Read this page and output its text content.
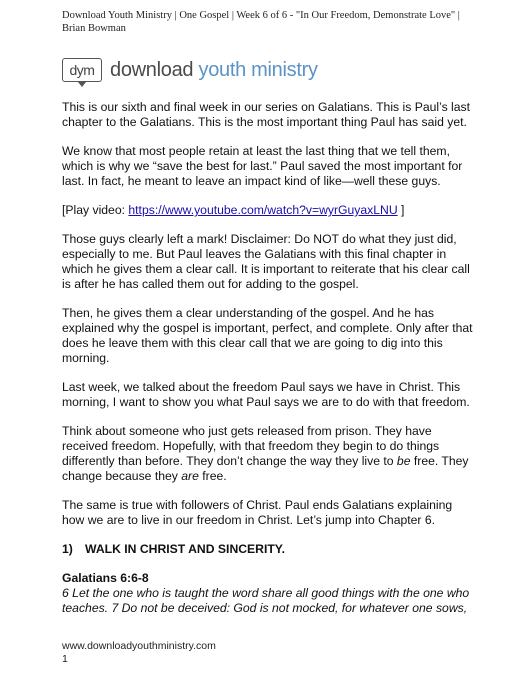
Download Youth Ministry | One Gospel | Week 6 of 6 - "In Our Freedom, Demonstrate Love" | Brian Bowman
dym download youth ministry

This is our sixth and final week in our series on Galatians. This is Paul’s last chapter to the Galatians. This is the most important thing Paul has said yet.

We know that most people retain at least the last thing that we tell them, which is why we “save the best for last.” Paul saved the most important for last. In fact, he meant to leave an impact kind of like—well these guys.

[Play video: https://www.youtube.com/watch?v=wyrGuyaxLNU ]

Those guys clearly left a mark! Disclaimer: Do NOT do what they just did, especially to me. But Paul leaves the Galatians with this final chapter in which he gives them a clear call. It is important to reiterate that his clear call is after he has called them out for adding to the gospel.

Then, he gives them a clear understanding of the gospel. And he has explained why the gospel is important, perfect, and complete. Only after that does he leave them with this clear call that we are going to dig into this morning.

Last week, we talked about the freedom Paul says we have in Christ. This morning, I want to show you what Paul says we are to do with that freedom.

Think about someone who just gets released from prison. They have received freedom. Hopefully, with that freedom they begin to do things differently than before. They don’t change the way they live to be free. They change because they are free.

The same is true with followers of Christ. Paul ends Galatians explaining how we are to live in our freedom in Christ. Let’s jump into Chapter 6.

1) WALK IN CHRIST AND SINCERITY.
Galatians 6:6-8
6 Let the one who is taught the word share all good things with the one who teaches. 7 Do not be deceived: God is not mocked, for whatever one sows,
www.downloadyouthministry.com
1
